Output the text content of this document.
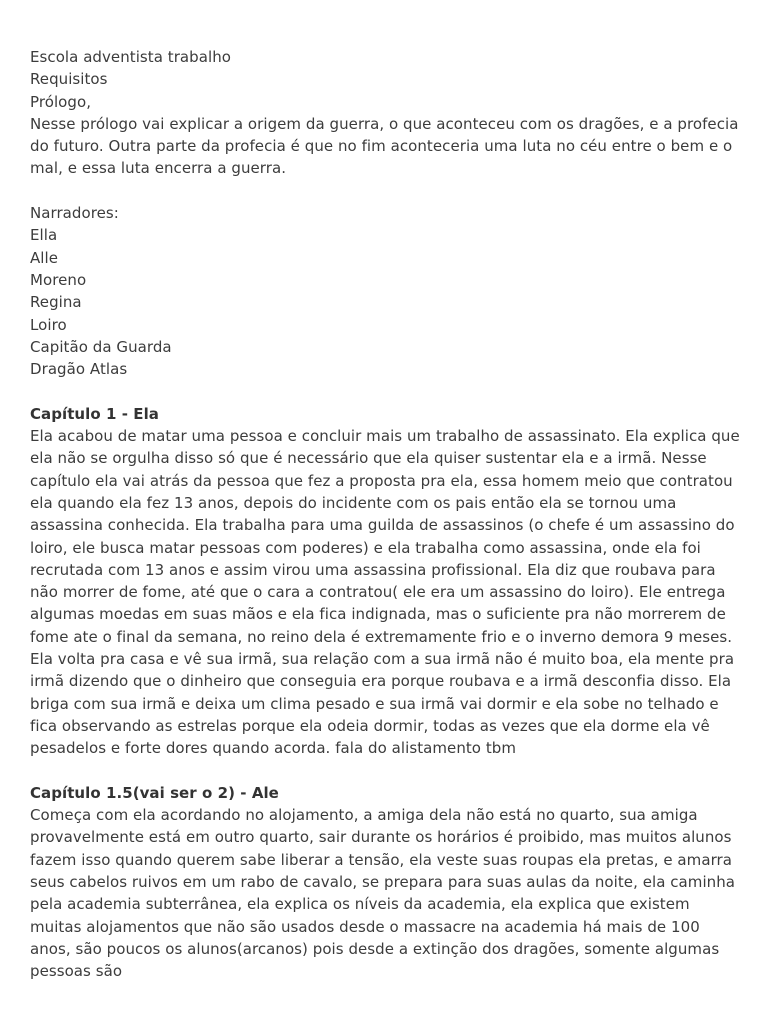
Escola adventista trabalho
Requisitos
Prólogo,

Nesse prólogo vai explicar a origem da guerra, o que aconteceu com os dragões, e a profecia do futuro. Outra parte da profecia é que no fim aconteceria uma luta no céu entre o bem e o mal, e essa luta encerra a guerra.

Narradores:
Ella
Alle
Moreno
Regina
Loiro
Capitão da Guarda
Dragão Atlas
Capítulo 1 - Ela

Ela acabou de matar uma pessoa e concluir mais um trabalho de assassinato. Ela explica que ela não se orgulha disso só que é necessário que ela quiser sustentar ela e a irmã. Nesse capítulo ela vai atrás da pessoa que fez a proposta pra ela, essa homem meio que contratou ela quando ela fez 13 anos, depois do incidente com os pais então ela se tornou uma assassina conhecida. Ela trabalha para uma guilda de assassinos (o chefe é um assassino do loiro, ele busca matar pessoas com poderes) e ela trabalha como assassina, onde ela foi recrutada com 13 anos e assim virou uma assassina profissional. Ela diz que roubava para não morrer de fome, até que o cara a contratou( ele era um assassino do loiro). Ele entrega algumas moedas em suas mãos e ela fica indignada, mas o suficiente pra não morrerem de fome ate o final da semana, no reino dela é extremamente frio e o inverno demora 9 meses. Ela volta pra casa e vê sua irmã, sua relação com a sua irmã não é muito boa, ela mente pra irmã dizendo que o dinheiro que conseguia era porque roubava e a irmã desconfia disso. Ela briga com sua irmã e deixa um clima pesado e sua irmã vai dormir e ela sobe no telhado e fica observando as estrelas porque ela odeia dormir, todas as vezes que ela dorme ela vê pesadelos e forte dores quando acorda. fala do alistamento tbm

Capítulo 1.5(vai ser o 2) - Ale

Começa com ela acordando no alojamento, a amiga dela não está no quarto, sua amiga provavelmente está em outro quarto, sair durante os horários é proibido, mas muitos alunos fazem isso quando querem sabe liberar a tensão, ela veste suas roupas ela pretas, e amarra seus cabelos ruivos em um rabo de cavalo, se prepara para suas aulas da noite, ela caminha pela academia subterrânea, ela explica os níveis da academia, ela explica que existem muitas alojamentos que não são usados desde o massacre na academia há mais de 100 anos, são poucos os alunos(arcanos) pois desde a extinção dos dragões, somente algumas pessoas são
